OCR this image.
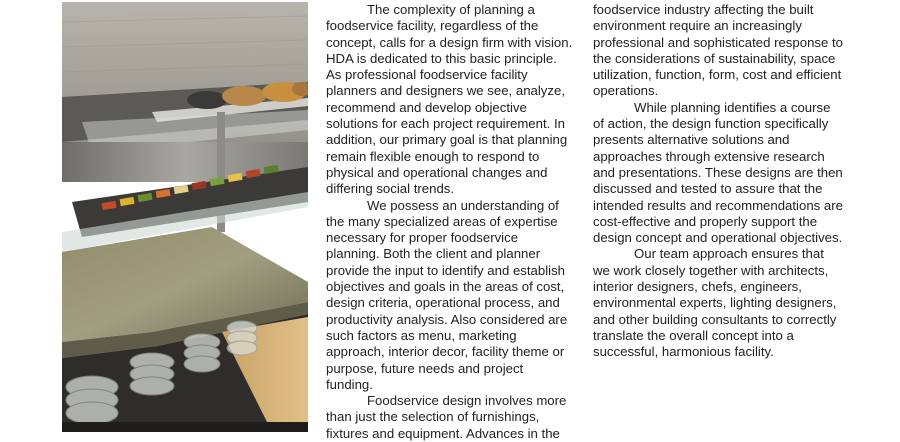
The complexity of planning a foodservice facility, regardless of the concept, calls for a design firm with vision. HDA is dedicated to this basic principle. As professional foodservice facility planners and designers we see, analyze, recommend and develop objective solutions for each project requirement. In addition, our primary goal is that planning remain flexible enough to respond to physical and operational changes and differing social trends.

We possess an understanding of the many specialized areas of expertise necessary for proper foodservice planning. Both the client and planner provide the input to identify and establish objectives and goals in the areas of cost, design criteria, operational process, and productivity analysis. Also considered are such factors as menu, marketing approach, interior decor, facility theme or purpose, future needs and project funding.

Foodservice design involves more than just the selection of furnishings, fixtures and equipment. Advances in the

foodservice industry affecting the built environment require an increasingly professional and sophisticated response to the considerations of sustainability, space utilization, function, form, cost and efficient operations.

While planning identifies a course of action, the design function specifically presents alternative solutions and approaches through extensive research and presentations. These designs are then discussed and tested to assure that the intended results and recommendations are cost-effective and properly support the design concept and operational objectives.

Our team approach ensures that we work closely together with architects, interior designers, chefs, engineers, environmental experts, lighting designers, and other building consultants to correctly translate the overall concept into a successful, harmonious facility.
